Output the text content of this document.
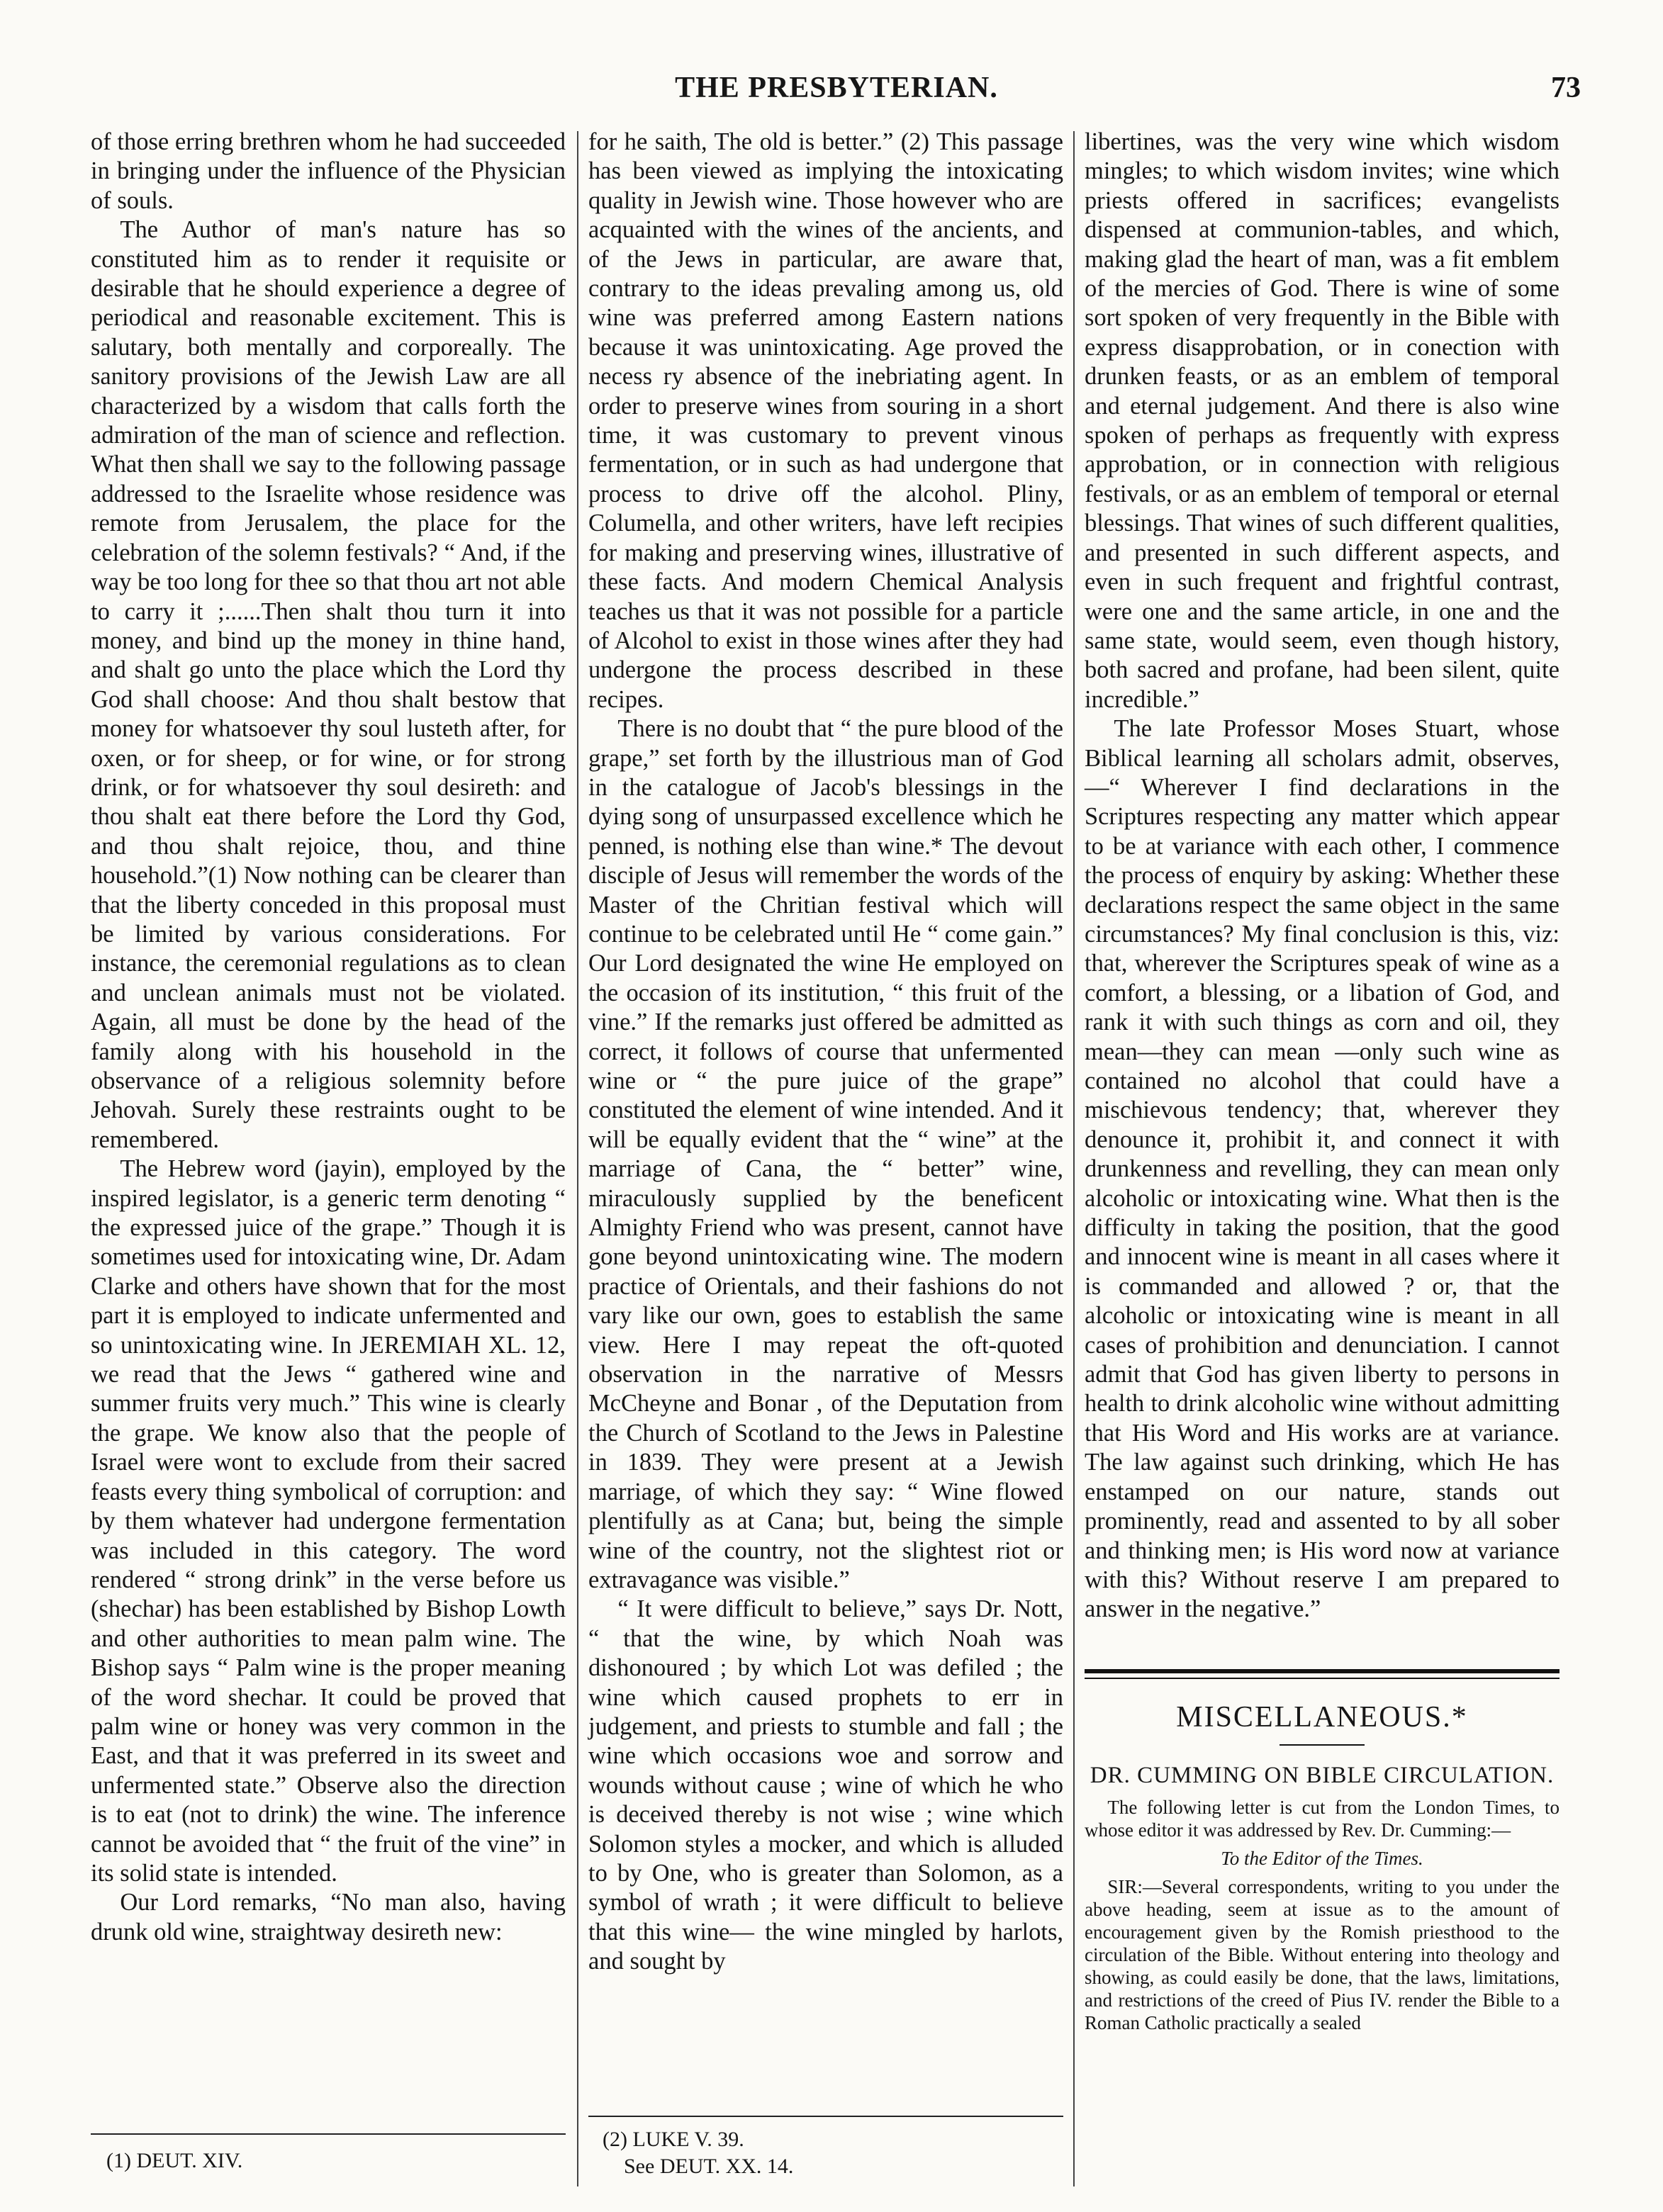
THE PRESBYTERIAN.	73

of those erring brethren whom he had succeeded in bringing under the influence of the Physician of souls.

The Author of man's nature has so constituted him as to render it requisite or desirable that he should experience a degree of periodical and reasonable excitement. This is salutary, both mentally and corporeally. The sanitory provisions of the Jewish Law are all characterized by a wisdom that calls forth the admiration of the man of science and reflection. What then shall we say to the following passage addressed to the Israelite whose residence was remote from Jerusalem, the place for the celebration of the solemn festivals? “ And, if the way be too long for thee so that thou art not able to carry it ;......Then shalt thou turn it into money, and bind up the money in thine hand, and shalt go unto the place which the Lord thy God shall choose: And thou shalt bestow that money for whatsoever thy soul lusteth after, for oxen, or for sheep, or for wine, or for strong drink, or for whatsoever thy soul desireth: and thou shalt eat there before the Lord thy God, and thou shalt rejoice, thou, and thine household.”(1) Now nothing can be clearer than that the liberty conceded in this proposal must be limited by various considerations. For instance, the ceremonial regulations as to clean and unclean animals must not be violated. Again, all must be done by the head of the family along with his household in the observance of a religious solemnity before Jehovah. Surely these restraints ought to be remembered.

The Hebrew word (jayin), employed by the inspired legislator, is a generic term denoting “ the expressed juice of the grape.” Though it is sometimes used for intoxicating wine, Dr. Adam Clarke and others have shown that for the most part it is employed to indicate unfermented and so unintoxicating wine. In JEREMIAH XL. 12, we read that the Jews “ gathered wine and summer fruits very much.” This wine is clearly the grape. We know also that the people of Israel were wont to exclude from their sacred feasts every thing symbolical of corruption: and by them whatever had undergone fermentation was included in this category. The word rendered “ strong drink” in the verse before us (shechar) has been established by Bishop Lowth and other authorities to mean palm wine. The Bishop says “ Palm wine is the proper meaning of the word shechar. It could be proved that palm wine or honey was very common in the East, and that it was preferred in its sweet and unfermented state.” Observe also the direction is to eat (not to drink) the wine. The inference cannot be avoided that “ the fruit of the vine” in its solid state is intended.

Our Lord remarks, “No man also, having drunk old wine, straightway desireth new:

(1) DEUT. XIV.

for he saith, The old is better.” (2) This passage has been viewed as implying the intoxicating quality in Jewish wine. Those however who are acquainted with the wines of the ancients, and of the Jews in particular, are aware that, contrary to the ideas prevaling among us, old wine was preferred among Eastern nations because it was unintoxicating. Age proved the necess ry absence of the inebriating agent. In order to preserve wines from souring in a short time, it was customary to prevent vinous fermentation, or in such as had undergone that process to drive off the alcohol. Pliny, Columella, and other writers, have left recipies for making and preserving wines, illustrative of these facts. And modern Chemical Analysis teaches us that it was not possible for a particle of Alcohol to exist in those wines after they had undergone the process described in these recipes.

There is no doubt that “ the pure blood of the grape,” set forth by the illustrious man of God in the catalogue of Jacob's blessings in the dying song of unsurpassed excellence which he penned, is nothing else than wine.* The devout disciple of Jesus will remember the words of the Master of the Chritian festival which will continue to be celebrated until He “ come gain.” Our Lord designated the wine He employed on the occasion of its institution, “ this fruit of the vine.” If the remarks just offered be admitted as correct, it follows of course that unfermented wine or “ the pure juice of the grape” constituted the element of wine intended. And it will be equally evident that the “ wine” at the marriage of Cana, the “ better” wine, miraculously supplied by the beneficent Almighty Friend who was present, cannot have gone beyond unintoxicating wine. The modern practice of Orientals, and their fashions do not vary like our own, goes to establish the same view. Here I may repeat the oft-quoted observation in the narrative of Messrs McCheyne and Bonar , of the Deputation from the Church of Scotland to the Jews in Palestine in 1839. They were present at a Jewish marriage, of which they say: “ Wine flowed plentifully as at Cana; but, being the simple wine of the country, not the slightest riot or extravagance was visible.”

“ It were difficult to believe,” says Dr. Nott, “ that the wine, by which Noah was dishonoured ; by which Lot was defiled ; the wine which caused prophets to err in judgement, and priests to stumble and fall ; the wine which occasions woe and sorrow and wounds without cause ; wine of which he who is deceived thereby is not wise ; wine which Solomon styles a mocker, and which is alluded to by One, who is greater than Solomon, as a symbol of wrath ; it were difficult to believe that this wine— the wine mingled by harlots, and sought by

(2) LUKE V. 39.
See DEUT. XX. 14.

libertines, was the very wine which wisdom mingles; to which wisdom invites; wine which priests offered in sacrifices; evangelists dispensed at communion-tables, and which, making glad the heart of man, was a fit emblem of the mercies of God. There is wine of some sort spoken of very frequently in the Bible with express disapprobation, or in conection with drunken feasts, or as an emblem of temporal and eternal judgement. And there is also wine spoken of perhaps as frequently with express approbation, or in connection with religious festivals, or as an emblem of temporal or eternal blessings. That wines of such different qualities, and presented in such different aspects, and even in such frequent and frightful contrast, were one and the same article, in one and the same state, would seem, even though history, both sacred and profane, had been silent, quite incredible.”

The late Professor Moses Stuart, whose Biblical learning all scholars admit, observes,—“ Wherever I find declarations in the Scriptures respecting any matter which appear to be at variance with each other, I commence the process of enquiry by asking: Whether these declarations respect the same object in the same circumstances? My final conclusion is this, viz: that, wherever the Scriptures speak of wine as a comfort, a blessing, or a libation of God, and rank it with such things as corn and oil, they mean—they can mean —only such wine as contained no alcohol that could have a mischievous tendency; that, wherever they denounce it, prohibit it, and connect it with drunkenness and revelling, they can mean only alcoholic or intoxicating wine. What then is the difficulty in taking the position, that the good and innocent wine is meant in all cases where it is commanded and allowed ? or, that the alcoholic or intoxicating wine is meant in all cases of prohibition and denunciation. I cannot admit that God has given liberty to persons in health to drink alcoholic wine without admitting that His Word and His works are at variance. The law against such drinking, which He has enstamped on our nature, stands out prominently, read and assented to by all sober and thinking men; is His word now at variance with this? Without reserve I am prepared to answer in the negative.”

MISCELLANEOUS.*
DR. CUMMING ON BIBLE CIRCULATION.

The following letter is cut from the London Times, to whose editor it was addressed by Rev. Dr. Cumming:—

To the Editor of the Times.

SIR:—Several correspondents, writing to you under the above heading, seem at issue as to the amount of encouragement given by the Romish priesthood to the circulation of the Bible. Without entering into theology and showing, as could easily be done, that the laws, limitations, and restrictions of the creed of Pius IV. render the Bible to a Roman Catholic practically a sealed
